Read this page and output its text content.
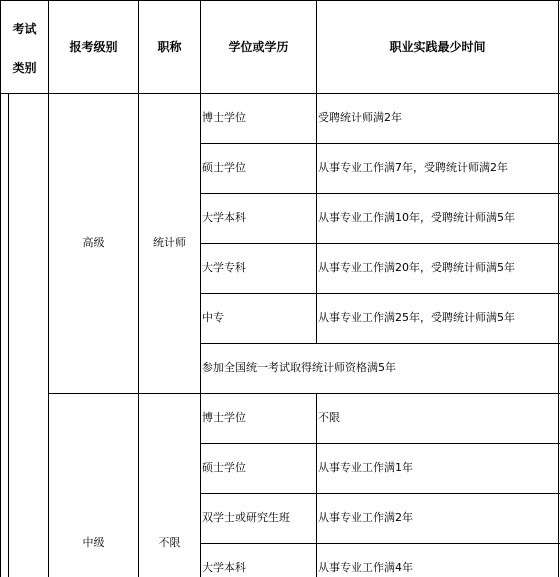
考试
类别
报考级别	职称	学位或学历	职业实践最少时间
高级	统计师
博士学位	受聘统计师满2年
硕士学位	从事专业工作满7年，受聘统计师满2年
大学本科	从事专业工作满10年，受聘统计师满5年
大学专科	从事专业工作满20年，受聘统计师满5年
中专	从事专业工作满25年，受聘统计师满5年
参加全国统一考试取得统计师资格满5年
中级	不限
博士学位	不限
硕士学位	从事专业工作满1年
双学士或研究生班	从事专业工作满2年
大学本科	从事专业工作满4年
